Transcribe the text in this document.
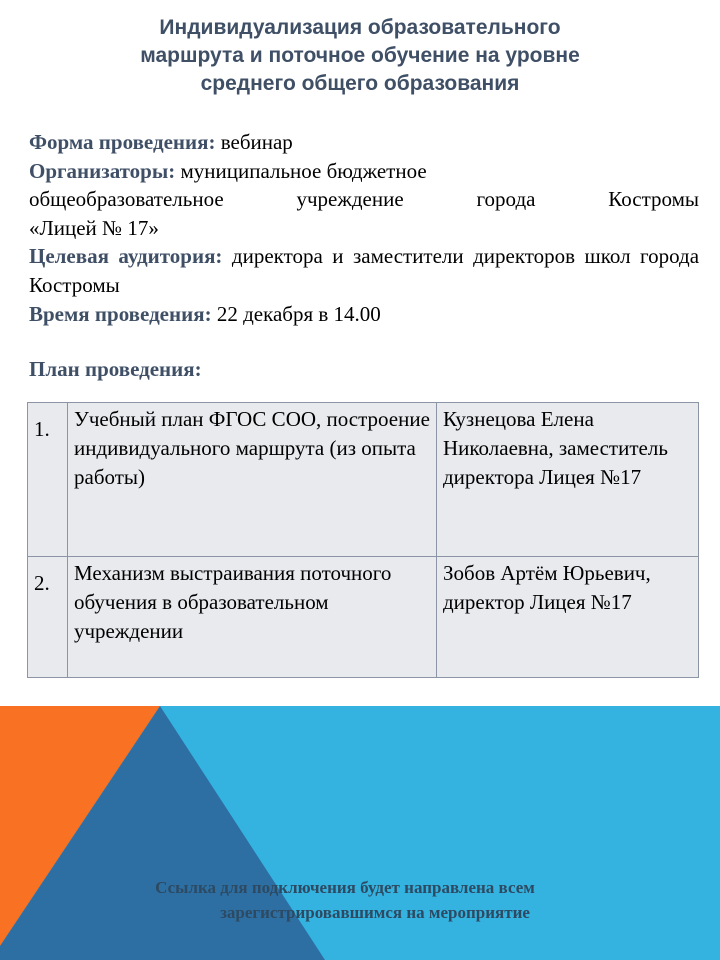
Индивидуализация образовательного
маршрута и поточное обучение на уровне
среднего общего образования

Форма проведения: вебинар

Организаторы: муниципальное бюджетное

общеобразовательное учреждение города Костромы

«Лицей № 17»

Целевая аудитория: директора и заместители директоров школ города Костромы

Время проведения: 22 декабря в 14.00

План проведения:
1.	Учебный план ФГОС СОО, построение индивидуального маршрута (из опыта работы)	Кузнецова Елена Николаевна, заместитель директора Лицея №17
2.	Механизм выстраивания поточного обучения в образовательном учреждении	Зобов Артём Юрьевич, директор Лицея №17
Ссылка для подключения будет направлена всем
зарегистрировавшимся на мероприятие
